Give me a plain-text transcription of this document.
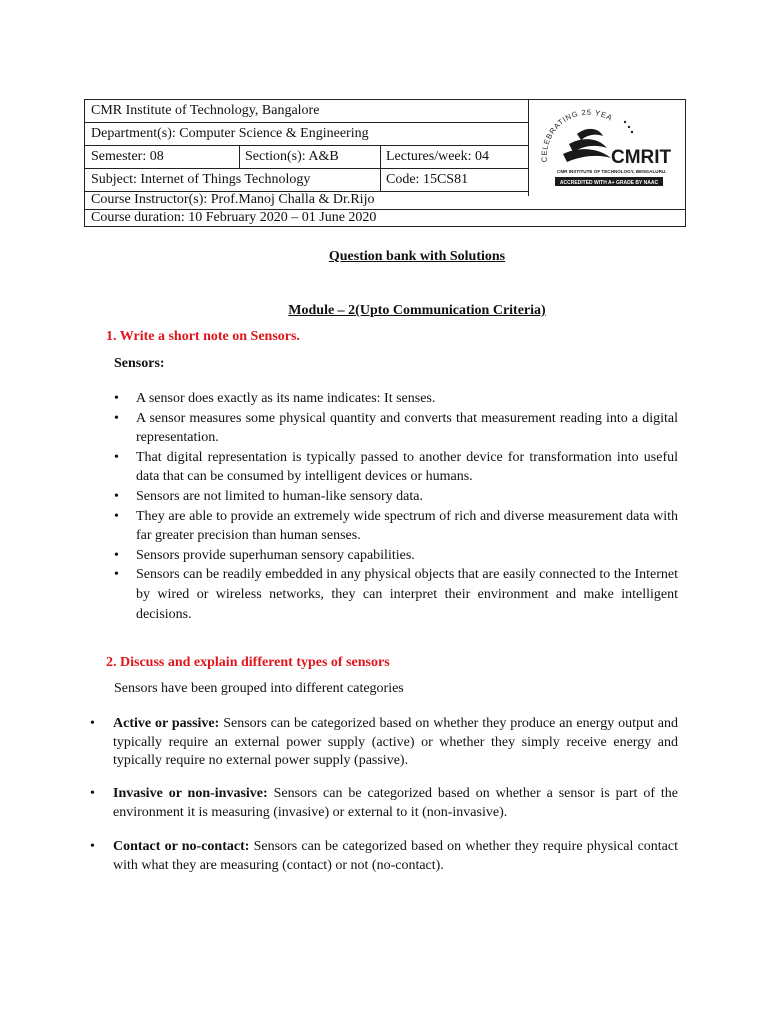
CMR Institute of Technology, Bangalore
Department(s): Computer Science & Engineering
Semester: 08	Section(s): A&B	Lectures/week: 04
Subject: Internet of Things Technology	Code: 15CS81
Course Instructor(s): Prof.Manoj Challa & Dr.Rijo
Course duration: 10 February 2020 – 01 June 2020
CELEBRATING 25 YEA
CMRIT
CMR INSTITUTE OF TECHNOLOGY, BENGALURU.
ACCREDITED WITH A+ GRADE BY NAAC
Question bank with Solutions
Module – 2(Upto Communication Criteria)
1. Write a short note on Sensors.
Sensors:
• A sensor does exactly as its name indicates: It senses.
• A sensor measures some physical quantity and converts that measurement reading into a digital representation.
• That digital representation is typically passed to another device for transformation into useful data that can be consumed by intelligent devices or humans.
• Sensors are not limited to human-like sensory data.
• They are able to provide an extremely wide spectrum of rich and diverse measurement data with far greater precision than human senses.
• Sensors provide superhuman sensory capabilities.
• Sensors can be readily embedded in any physical objects that are easily connected to the Internet by wired or wireless networks, they can interpret their environment and make intelligent decisions.
2. Discuss and explain different types of sensors
Sensors have been grouped into different categories
• Active or passive: Sensors can be categorized based on whether they produce an energy output and typically require an external power supply (active) or whether they simply receive energy and typically require no external power supply (passive).
• Invasive or non-invasive: Sensors can be categorized based on whether a sensor is part of the environment it is measuring (invasive) or external to it (non-invasive).
• Contact or no-contact: Sensors can be categorized based on whether they require physical contact with what they are measuring (contact) or not (no-contact).
